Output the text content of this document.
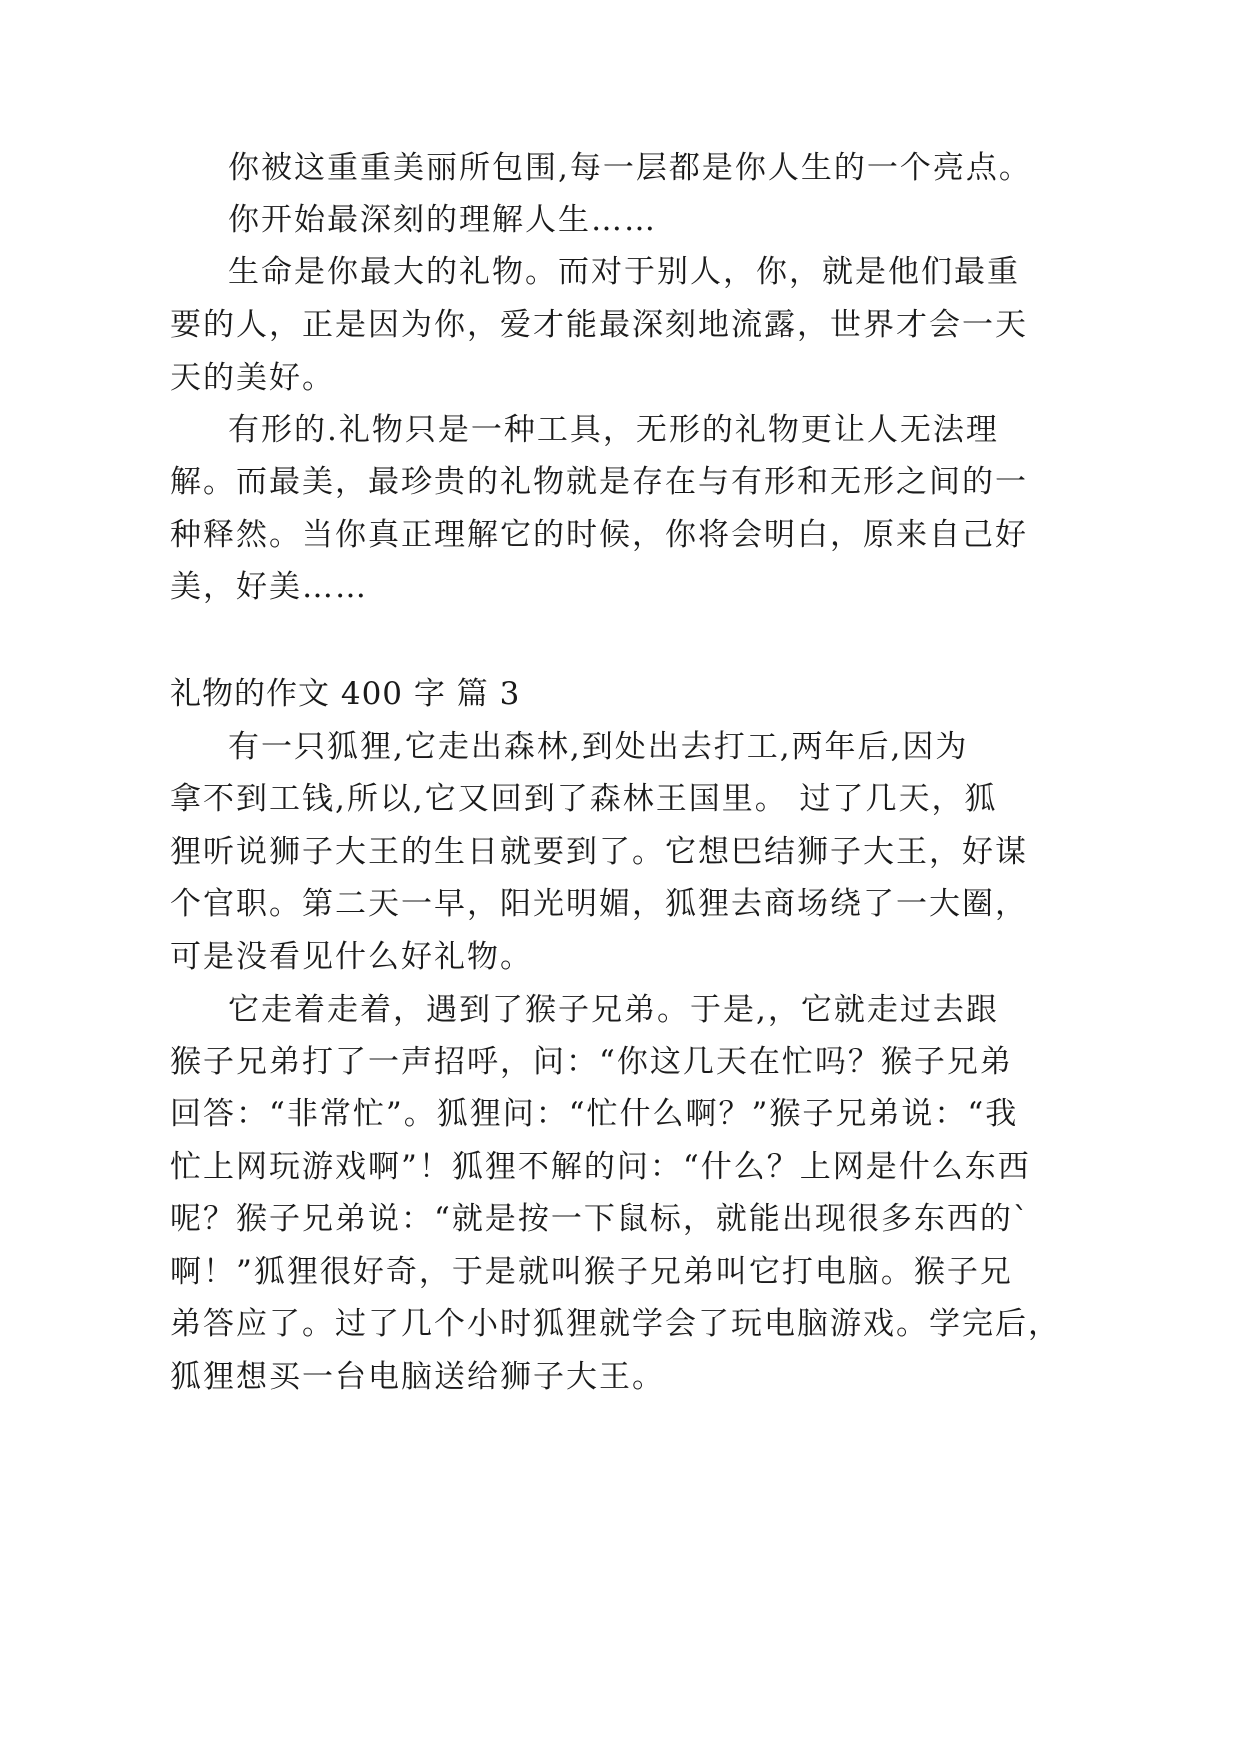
你被这重重美丽所包围,每一层都是你人生的一个亮点。

你开始最深刻的理解人生……

生命是你最大的礼物。而对于别人，你，就是他们最重

要的人，正是因为你，爱才能最深刻地流露，世界才会一天

天的美好。

有形的.礼物只是一种工具，无形的礼物更让人无法理

解。而最美，最珍贵的礼物就是存在与有形和无形之间的一

种释然。当你真正理解它的时候，你将会明白，原来自己好

美，好美……

礼物的作文 400 字 篇 3

有一只狐狸,它走出森林,到处出去打工,两年后,因为

拿不到工钱,所以,它又回到了森林王国里。 过了几天，狐

狸听说狮子大王的生日就要到了。它想巴结狮子大王，好谋

个官职。第二天一早，阳光明媚，狐狸去商场绕了一大圈，

可是没看见什么好礼物。

它走着走着，遇到了猴子兄弟。于是,，它就走过去跟

猴子兄弟打了一声招呼，问：“你这几天在忙吗？猴子兄弟

回答：“非常忙”。狐狸问：“忙什么啊？”猴子兄弟说：“我

忙上网玩游戏啊”！狐狸不解的问：“什么？上网是什么东西

呢？猴子兄弟说：“就是按一下鼠标，就能出现很多东西的`

啊！”狐狸很好奇，于是就叫猴子兄弟叫它打电脑。猴子兄

弟答应了。过了几个小时狐狸就学会了玩电脑游戏。学完后，

狐狸想买一台电脑送给狮子大王。
